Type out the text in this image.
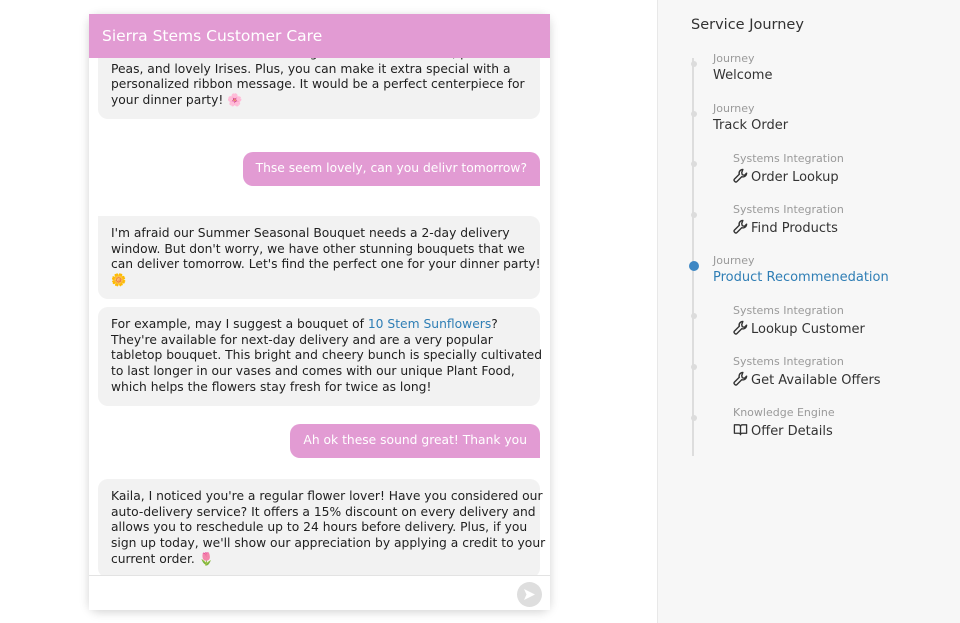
Sierra Stems Customer Care
Peas, and lovely Irises. Plus, you can make it extra special with a
personalized ribbon message. It would be a perfect centerpiece for
your dinner party! 🌸
Thse seem lovely, can you delivr tomorrow?
I'm afraid our Summer Seasonal Bouquet needs a 2-day delivery
window. But don't worry, we have other stunning bouquets that we
can deliver tomorrow. Let's find the perfect one for your dinner party!
🌼
For example, may I suggest a bouquet of 10 Stem Sunflowers?
They're available for next-day delivery and are a very popular
tabletop bouquet. This bright and cheery bunch is specially cultivated
to last longer in our vases and comes with our unique Plant Food,
which helps the flowers stay fresh for twice as long!
Ah ok these sound great! Thank you
Kaila, I noticed you're a regular flower lover! Have you considered our
auto-delivery service? It offers a 15% discount on every delivery and
allows you to reschedule up to 24 hours before delivery. Plus, if you
sign up today, we'll show our appreciation by applying a credit to your
current order. 🌷
Service Journey
Journey
Welcome
Journey
Track Order
Systems Integration
Order Lookup
Systems Integration
Find Products
Journey
Product Recommenedation
Systems Integration
Lookup Customer
Systems Integration
Get Available Offers
Knowledge Engine
Offer Details
